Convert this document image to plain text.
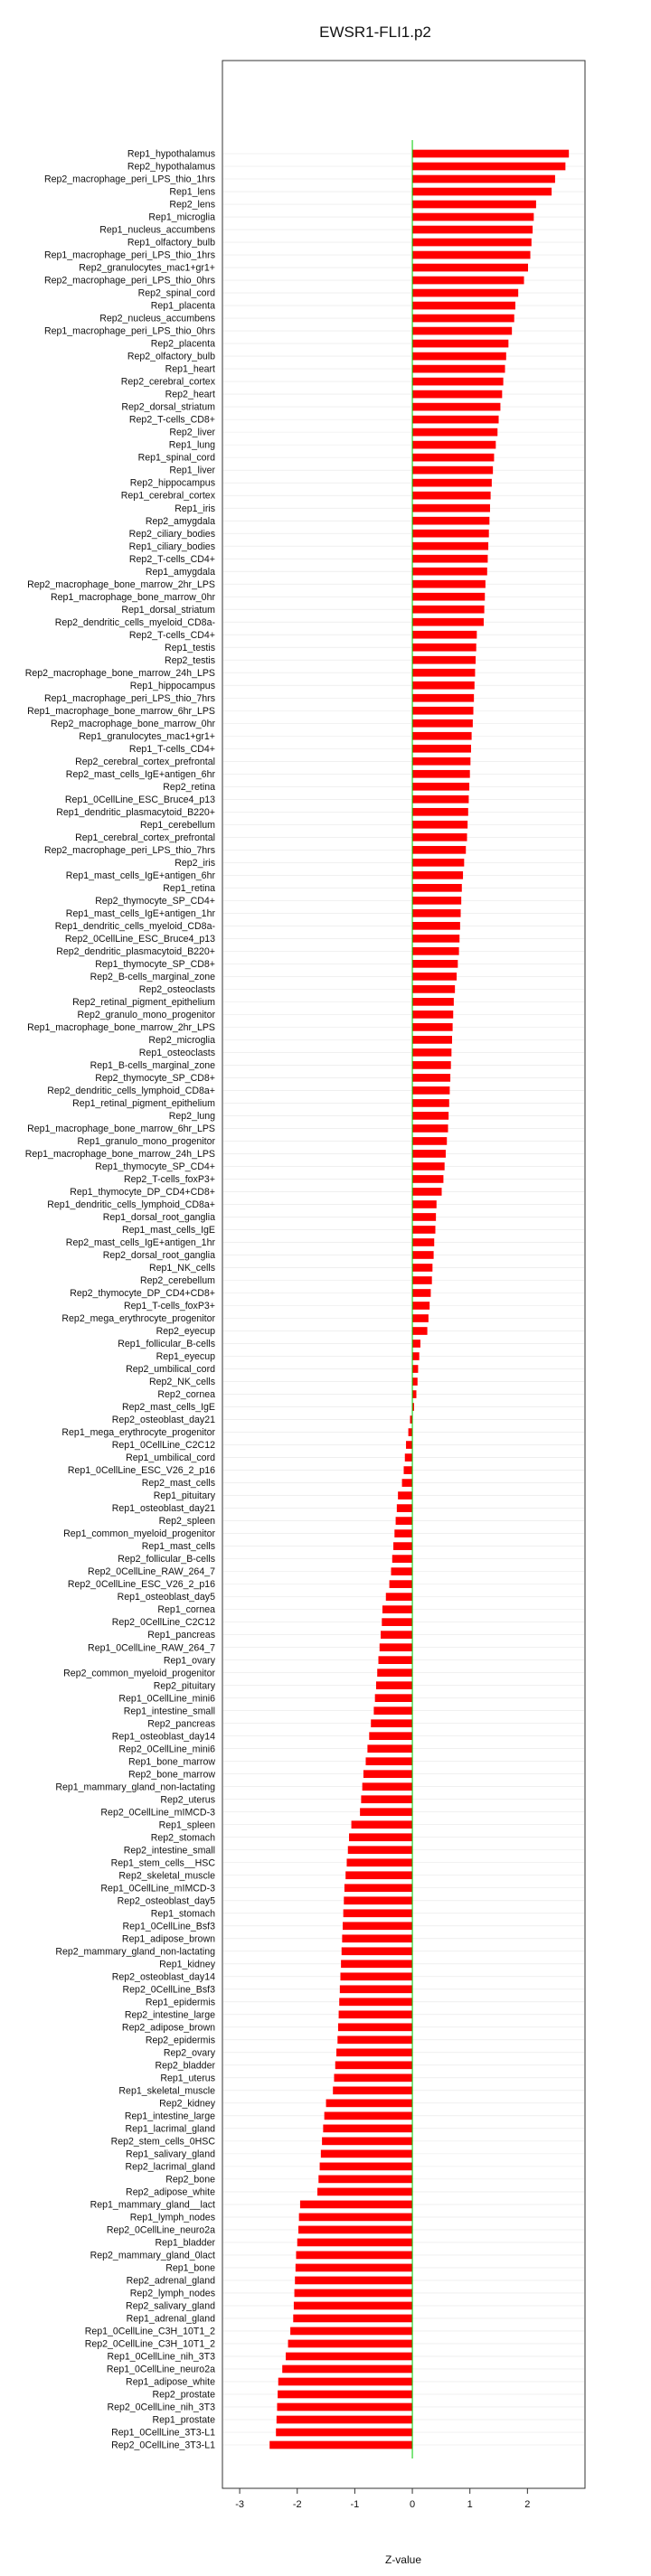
EWSR1-FLI1.p2
Rep1_hypothalamus
Rep2_hypothalamus
Rep2_macrophage_peri_LPS_thio_1hrs
Rep1_lens
Rep2_lens
Rep1_microglia
Rep1_nucleus_accumbens
Rep1_olfactory_bulb
Rep1_macrophage_peri_LPS_thio_1hrs
Rep2_granulocytes_mac1+gr1+
Rep2_macrophage_peri_LPS_thio_0hrs
Rep2_spinal_cord
Rep1_placenta
Rep2_nucleus_accumbens
Rep1_macrophage_peri_LPS_thio_0hrs
Rep2_placenta
Rep2_olfactory_bulb
Rep1_heart
Rep2_cerebral_cortex
Rep2_heart
Rep2_dorsal_striatum
Rep2_T-cells_CD8+
Rep2_liver
Rep1_lung
Rep1_spinal_cord
Rep1_liver
Rep2_hippocampus
Rep1_cerebral_cortex
Rep1_iris
Rep2_amygdala
Rep2_ciliary_bodies
Rep1_ciliary_bodies
Rep2_T-cells_CD4+
Rep1_amygdala
Rep2_macrophage_bone_marrow_2hr_LPS
Rep1_macrophage_bone_marrow_0hr
Rep1_dorsal_striatum
Rep2_dendritic_cells_myeloid_CD8a-
Rep2_T-cells_CD4+
Rep1_testis
Rep2_testis
Rep2_macrophage_bone_marrow_24h_LPS
Rep1_hippocampus
Rep1_macrophage_peri_LPS_thio_7hrs
Rep1_macrophage_bone_marrow_6hr_LPS
Rep2_macrophage_bone_marrow_0hr
Rep1_granulocytes_mac1+gr1+
Rep1_T-cells_CD4+
Rep2_cerebral_cortex_prefrontal
Rep2_mast_cells_IgE+antigen_6hr
Rep2_retina
Rep1_0CellLine_ESC_Bruce4_p13
Rep1_dendritic_plasmacytoid_B220+
Rep1_cerebellum
Rep1_cerebral_cortex_prefrontal
Rep2_macrophage_peri_LPS_thio_7hrs
Rep2_iris
Rep1_mast_cells_IgE+antigen_6hr
Rep1_retina
Rep2_thymocyte_SP_CD4+
Rep1_mast_cells_IgE+antigen_1hr
Rep1_dendritic_cells_myeloid_CD8a-
Rep2_0CellLine_ESC_Bruce4_p13
Rep2_dendritic_plasmacytoid_B220+
Rep1_thymocyte_SP_CD8+
Rep2_B-cells_marginal_zone
Rep2_osteoclasts
Rep2_retinal_pigment_epithelium
Rep2_granulo_mono_progenitor
Rep1_macrophage_bone_marrow_2hr_LPS
Rep2_microglia
Rep1_osteoclasts
Rep1_B-cells_marginal_zone
Rep2_thymocyte_SP_CD8+
Rep2_dendritic_cells_lymphoid_CD8a+
Rep1_retinal_pigment_epithelium
Rep2_lung
Rep1_macrophage_bone_marrow_6hr_LPS
Rep1_granulo_mono_progenitor
Rep1_macrophage_bone_marrow_24h_LPS
Rep1_thymocyte_SP_CD4+
Rep2_T-cells_foxP3+
Rep1_thymocyte_DP_CD4+CD8+
Rep1_dendritic_cells_lymphoid_CD8a+
Rep1_dorsal_root_ganglia
Rep1_mast_cells_IgE
Rep2_mast_cells_IgE+antigen_1hr
Rep2_dorsal_root_ganglia
Rep1_NK_cells
Rep2_cerebellum
Rep2_thymocyte_DP_CD4+CD8+
Rep1_T-cells_foxP3+
Rep2_mega_erythrocyte_progenitor
Rep2_eyecup
Rep1_follicular_B-cells
Rep1_eyecup
Rep2_umbilical_cord
Rep2_NK_cells
Rep2_cornea
Rep2_mast_cells_IgE
Rep2_osteoblast_day21
Rep1_mega_erythrocyte_progenitor
Rep1_0CellLine_C2C12
Rep1_umbilical_cord
Rep1_0CellLine_ESC_V26_2_p16
Rep2_mast_cells
Rep1_pituitary
Rep1_osteoblast_day21
Rep2_spleen
Rep1_common_myeloid_progenitor
Rep1_mast_cells
Rep2_follicular_B-cells
Rep2_0CellLine_RAW_264_7
Rep2_0CellLine_ESC_V26_2_p16
Rep1_osteoblast_day5
Rep1_cornea
Rep2_0CellLine_C2C12
Rep1_pancreas
Rep1_0CellLine_RAW_264_7
Rep1_ovary
Rep2_common_myeloid_progenitor
Rep2_pituitary
Rep1_0CellLine_mini6
Rep1_intestine_small
Rep2_pancreas
Rep1_osteoblast_day14
Rep2_0CellLine_mini6
Rep1_bone_marrow
Rep2_bone_marrow
Rep1_mammary_gland_non-lactating
Rep2_uterus
Rep2_0CellLine_mIMCD-3
Rep1_spleen
Rep2_stomach
Rep2_intestine_small
Rep1_stem_cells__HSC
Rep2_skeletal_muscle
Rep1_0CellLine_mIMCD-3
Rep2_osteoblast_day5
Rep1_stomach
Rep1_0CellLine_Bsf3
Rep1_adipose_brown
Rep2_mammary_gland_non-lactating
Rep1_kidney
Rep2_osteoblast_day14
Rep2_0CellLine_Bsf3
Rep1_epidermis
Rep2_intestine_large
Rep2_adipose_brown
Rep2_epidermis
Rep2_ovary
Rep2_bladder
Rep1_uterus
Rep1_skeletal_muscle
Rep2_kidney
Rep1_intestine_large
Rep1_lacrimal_gland
Rep2_stem_cells_0HSC
Rep1_salivary_gland
Rep2_lacrimal_gland
Rep2_bone
Rep2_adipose_white
Rep1_mammary_gland__lact
Rep1_lymph_nodes
Rep2_0CellLine_neuro2a
Rep1_bladder
Rep2_mammary_gland_0lact
Rep1_bone
Rep2_adrenal_gland
Rep2_lymph_nodes
Rep2_salivary_gland
Rep1_adrenal_gland
Rep1_0CellLine_C3H_10T1_2
Rep2_0CellLine_C3H_10T1_2
Rep1_0CellLine_nih_3T3
Rep1_0CellLine_neuro2a
Rep1_adipose_white
Rep2_prostate
Rep2_0CellLine_nih_3T3
Rep1_prostate
Rep1_0CellLine_3T3-L1
Rep2_0CellLine_3T3-L1
-3	-2	-1	0	1	2
Z-value
